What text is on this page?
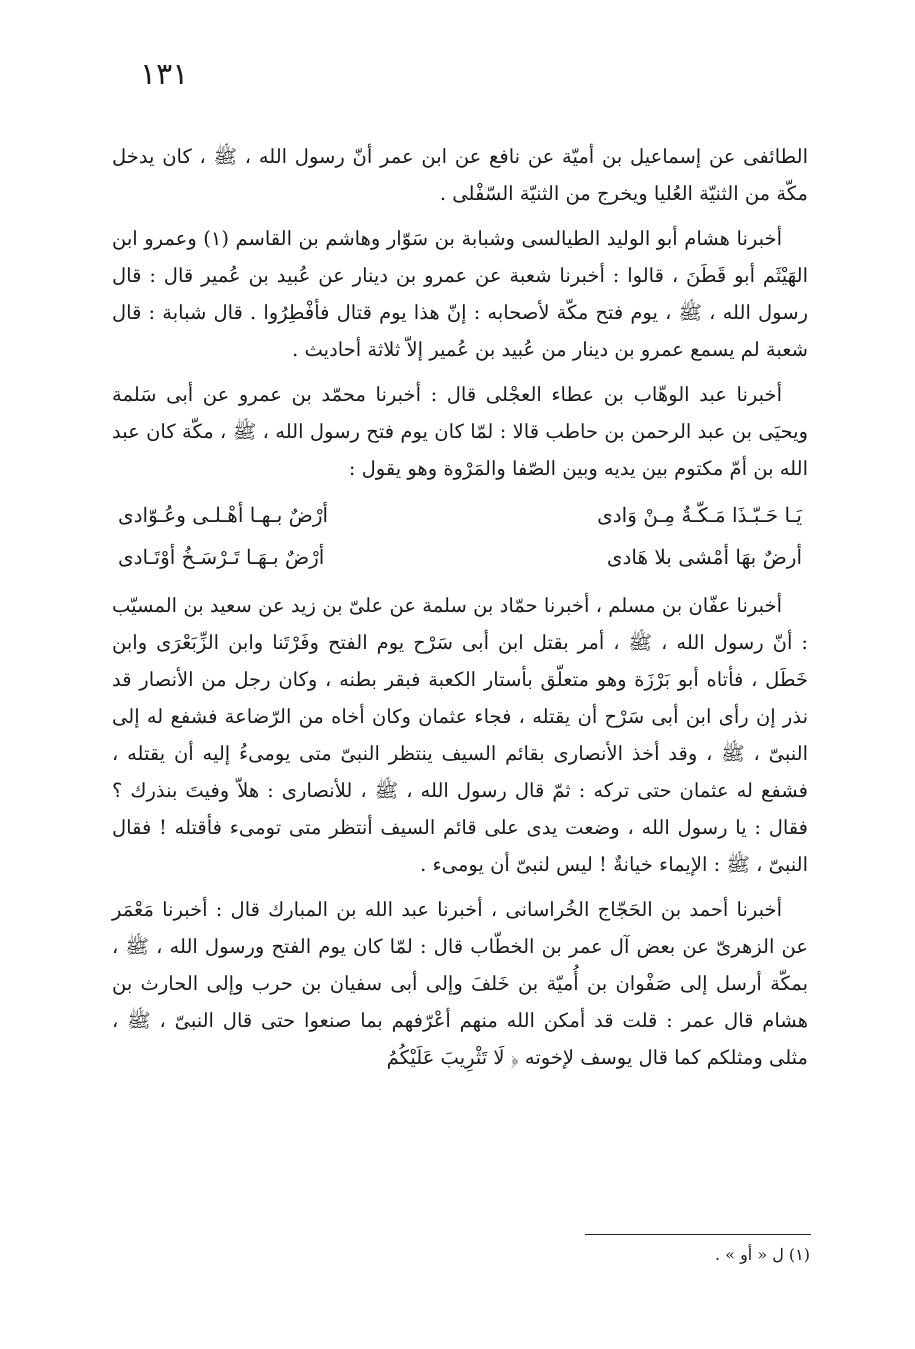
١٣١

الطائفى عن إسماعيل بن أميّة عن نافع عن ابن عمر أنّ رسول الله ، ﷺ ، كان يدخل مكّة من الثنيّة العُليا ويخرج من الثنيّة السّفْلى .

أخبرنا هشام أبو الوليد الطيالسى وشبابة بن سَوّار وهاشم بن القاسم (١) وعمرو ابن الهَيْثَم أبو قَطَنَ ، قالوا : أخبرنا شعبة عن عمرو بن دينار عن عُبيد بن عُمير قال : قال رسول الله ، ﷺ ، يوم فتح مكّة لأصحابه : إنّ هذا يوم قتال فأفْطِرُوا . قال شبابة : قال شعبة لم يسمع عمرو بن دينار من عُبيد بن عُمير إلاّ ثلاثة أحاديث .

أخبرنا عبد الوهّاب بن عطاء العجْلى قال : أخبرنا محمّد بن عمرو عن أبى سَلمة ويحيَى بن عبد الرحمن بن حاطب قالا : لمّا كان يوم فتح رسول الله ، ﷺ ، مكّة كان عبد الله بن أمّ مكتوم بين يديه وبين الصّفا والمَرْوة وهو يقول :

يَـا حَـبّـذَا مَـكّـةُ مِـنْ وَادى
أرْضٌ بـهـا أهْـلـى وعُـوّادى
أرضٌ بهَا أمْشى بلا هَادى
أرْضٌ بـهَـا تَـرْسَـخُ أوْتَـادى

أخبرنا عفّان بن مسلم ، أخبرنا حمّاد بن سلمة عن علىّ بن زيد عن سعيد بن المسيّب : أنّ رسول الله ، ﷺ ، أمر بقتل ابن أبى سَرْح يوم الفتح وفَرْتَنا وابن الزِّبَعْرَى وابن خَطَل ، فأتاه أبو بَرْزَة وهو متعلّق بأستار الكعبة فبقر بطنه ، وكان رجل من الأنصار قد نذر إن رأى ابن أبى سَرْح أن يقتله ، فجاء عثمان وكان أخاه من الرّضاعة فشفع له إلى النبىّ ، ﷺ ، وقد أخذ الأنصارى بقائم السيف ينتظر النبىّ متى يومىءُ إليه أن يقتله ، فشفع له عثمان حتى تركه : ثمّ قال رسول الله ، ﷺ ، للأنصارى : هلاّ وفيتَ بنذرك ؟ فقال : يا رسول الله ، وضعت يدى على قائم السيف أنتظر متى تومىء فأقتله ! فقال النبىّ ، ﷺ : الإيماء خيانةٌ ! ليس لنبىّ أن يومىء .

أخبرنا أحمد بن الحَجّاج الخُراسانى ، أخبرنا عبد الله بن المبارك قال : أخبرنا مَعْمَر عن الزهرىّ عن بعض آل عمر بن الخطّاب قال : لمّا كان يوم الفتح ورسول الله ، ﷺ ، بمكّة أرسل إلى صَفْوان بن أُميّة بن خَلفَ وإلى أبى سفيان بن حرب وإلى الحارث بن هشام قال عمر : قلت قد أمكن الله منهم أعْرّفهم بما صنعوا حتى قال النبىّ ، ﷺ ، مثلى ومثلكم كما قال يوسف لإخوته ﴿ لَا تَثْرِيبَ عَلَيْكُمُ

(١) ل « أو » .
